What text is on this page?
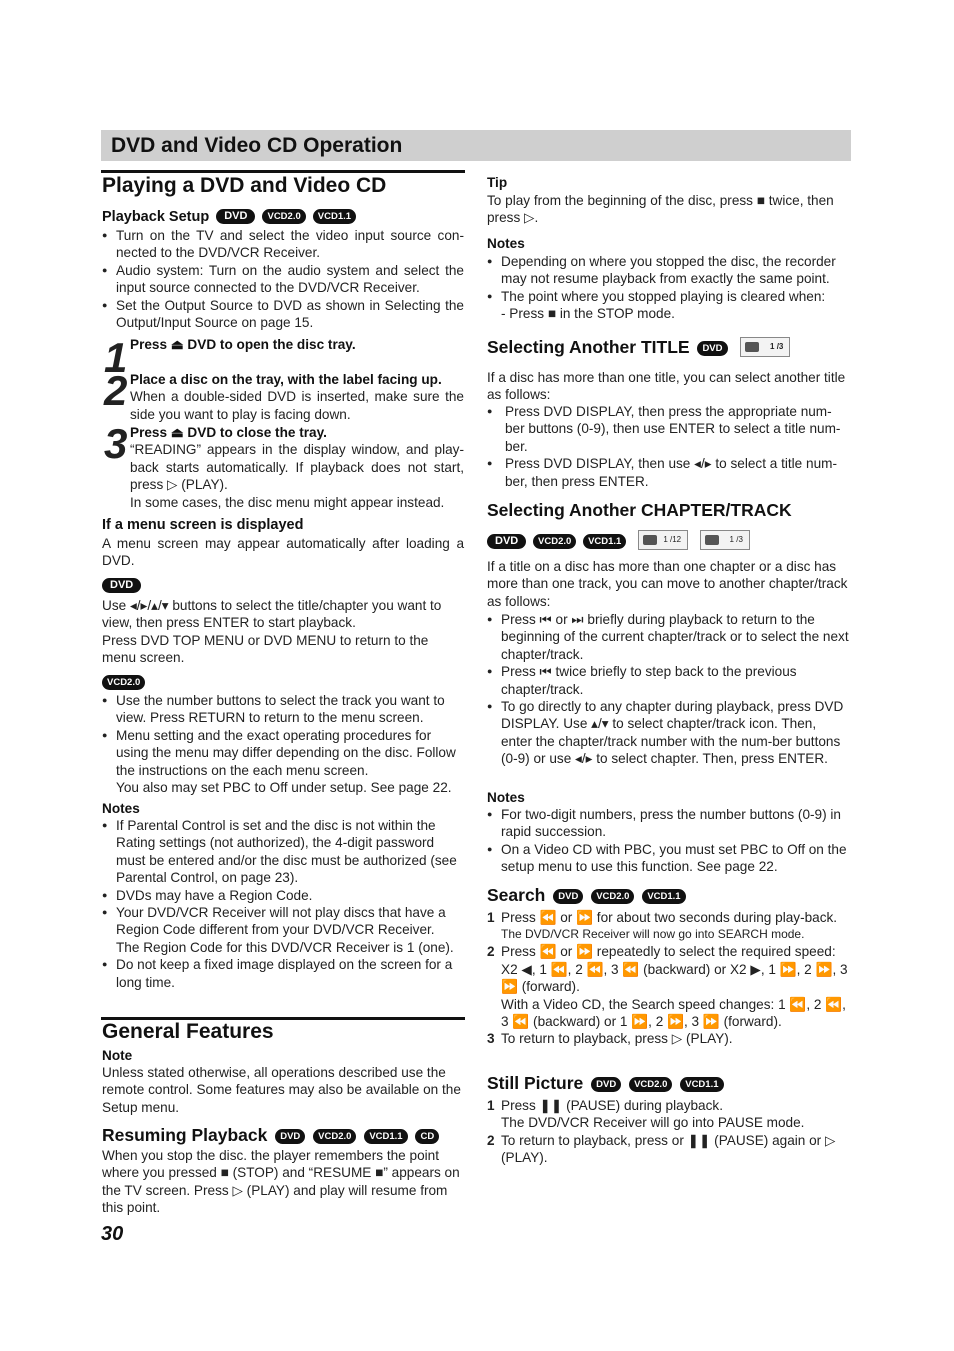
DVD and Video CD Operation
Playing a DVD and Video CD
Playback Setup DVD VCD2.0 VCD1.1
● Turn on the TV and select the video input source con-nected to the DVD/VCR Receiver.
● Audio system: Turn on the audio system and select the input source connected to the DVD/VCR Receiver.
● Set the Output Source to DVD as shown in Selecting the Output/Input Source on page 15.
1 Press ⏏ DVD to open the disc tray.
2 Place a disc on the tray, with the label facing up.
When a double-sided DVD is inserted, make sure the side you want to play is facing down.
3 Press ⏏ DVD to close the tray.
“READING” appears in the display window, and play-back starts automatically. If playback does not start, press ▷ (PLAY).
In some cases, the disc menu might appear instead.
If a menu screen is displayed
A menu screen may appear automatically after loading a DVD.
DVD
Use ◂/▸/▴/▾ buttons to select the title/chapter you want to view, then press ENTER to start playback.
Press DVD TOP MENU or DVD MENU to return to the menu screen.
VCD2.0
● Use the number buttons to select the track you want to view. Press RETURN to return to the menu screen.
● Menu setting and the exact operating procedures for using the menu may differ depending on the disc. Follow the instructions on the each menu screen.
You also may set PBC to Off under setup. See page 22.
Notes
● If Parental Control is set and the disc is not within the Rating settings (not authorized), the 4-digit password must be entered and/or the disc must be authorized (see Parental Control, on page 23).
● DVDs may have a Region Code.
● Your DVD/VCR Receiver will not play discs that have a Region Code different from your DVD/VCR Receiver.
The Region Code for this DVD/VCR Receiver is 1 (one).
● Do not keep a fixed image displayed on the screen for a long time.
General Features
Note
Unless stated otherwise, all operations described use the remote control. Some features may also be available on the Setup menu.
Resuming Playback DVD VCD2.0 VCD1.1 CD
When you stop the disc. the player remembers the point where you pressed ■ (STOP) and “RESUME ■” appears on the TV screen. Press ▷ (PLAY) and play will resume from this point.
30
Tip
To play from the beginning of the disc, press ■ twice, then press ▷.
Notes
● Depending on where you stopped the disc, the recorder may not resume playback from exactly the same point.
● The point where you stopped playing is cleared when:
- Press ■ in the STOP mode.
Selecting Another TITLE DVD	1 /3
If a disc has more than one title, you can select another title as follows:
● Press DVD DISPLAY, then press the appropriate num-ber buttons (0-9), then use ENTER to select a title num-ber.
● Press DVD DISPLAY, then use ◂/▸ to select a title num-ber, then press ENTER.
Selecting Another CHAPTER/TRACK
DVD VCD2.0 VCD1.1	1 /12
	1 /3
If a title on a disc has more than one chapter or a disc has more than one track, you can move to another chapter/track as follows:
● Press ⏮ or ⏭ briefly during playback to return to the beginning of the current chapter/track or to select the next chapter/track.
● Press ⏮ twice briefly to step back to the previous chapter/track.
● To go directly to any chapter during playback, press DVD DISPLAY. Use ▴/▾ to select chapter/track icon. Then, enter the chapter/track number with the num-ber buttons (0-9) or use ◂/▸ to select chapter. Then, press ENTER.
Notes
● For two-digit numbers, press the number buttons (0-9) in rapid succession.
● On a Video CD with PBC, you must set PBC to Off on the setup menu to use this function. See page 22.
Search DVD VCD2.0 VCD1.1
1 Press ⏪ or ⏩ for about two seconds during play-back.
The DVD/VCR Receiver will now go into SEARCH mode.
2 Press ⏪ or ⏩ repeatedly to select the required speed: X2 ◀, 1 ⏪, 2 ⏪, 3 ⏪ (backward) or X2 ▶, 1 ⏩, 2 ⏩, 3 ⏩ (forward).
With a Video CD, the Search speed changes: 1 ⏪, 2 ⏪, 3 ⏪ (backward) or 1 ⏩, 2 ⏩, 3 ⏩ (forward).
3 To return to playback, press ▷ (PLAY).
Still Picture DVD VCD2.0 VCD1.1
1 Press ❚❚ (PAUSE) during playback.
The DVD/VCR Receiver will go into PAUSE mode.
2 To return to playback, press or ❚❚ (PAUSE) again or ▷ (PLAY).
